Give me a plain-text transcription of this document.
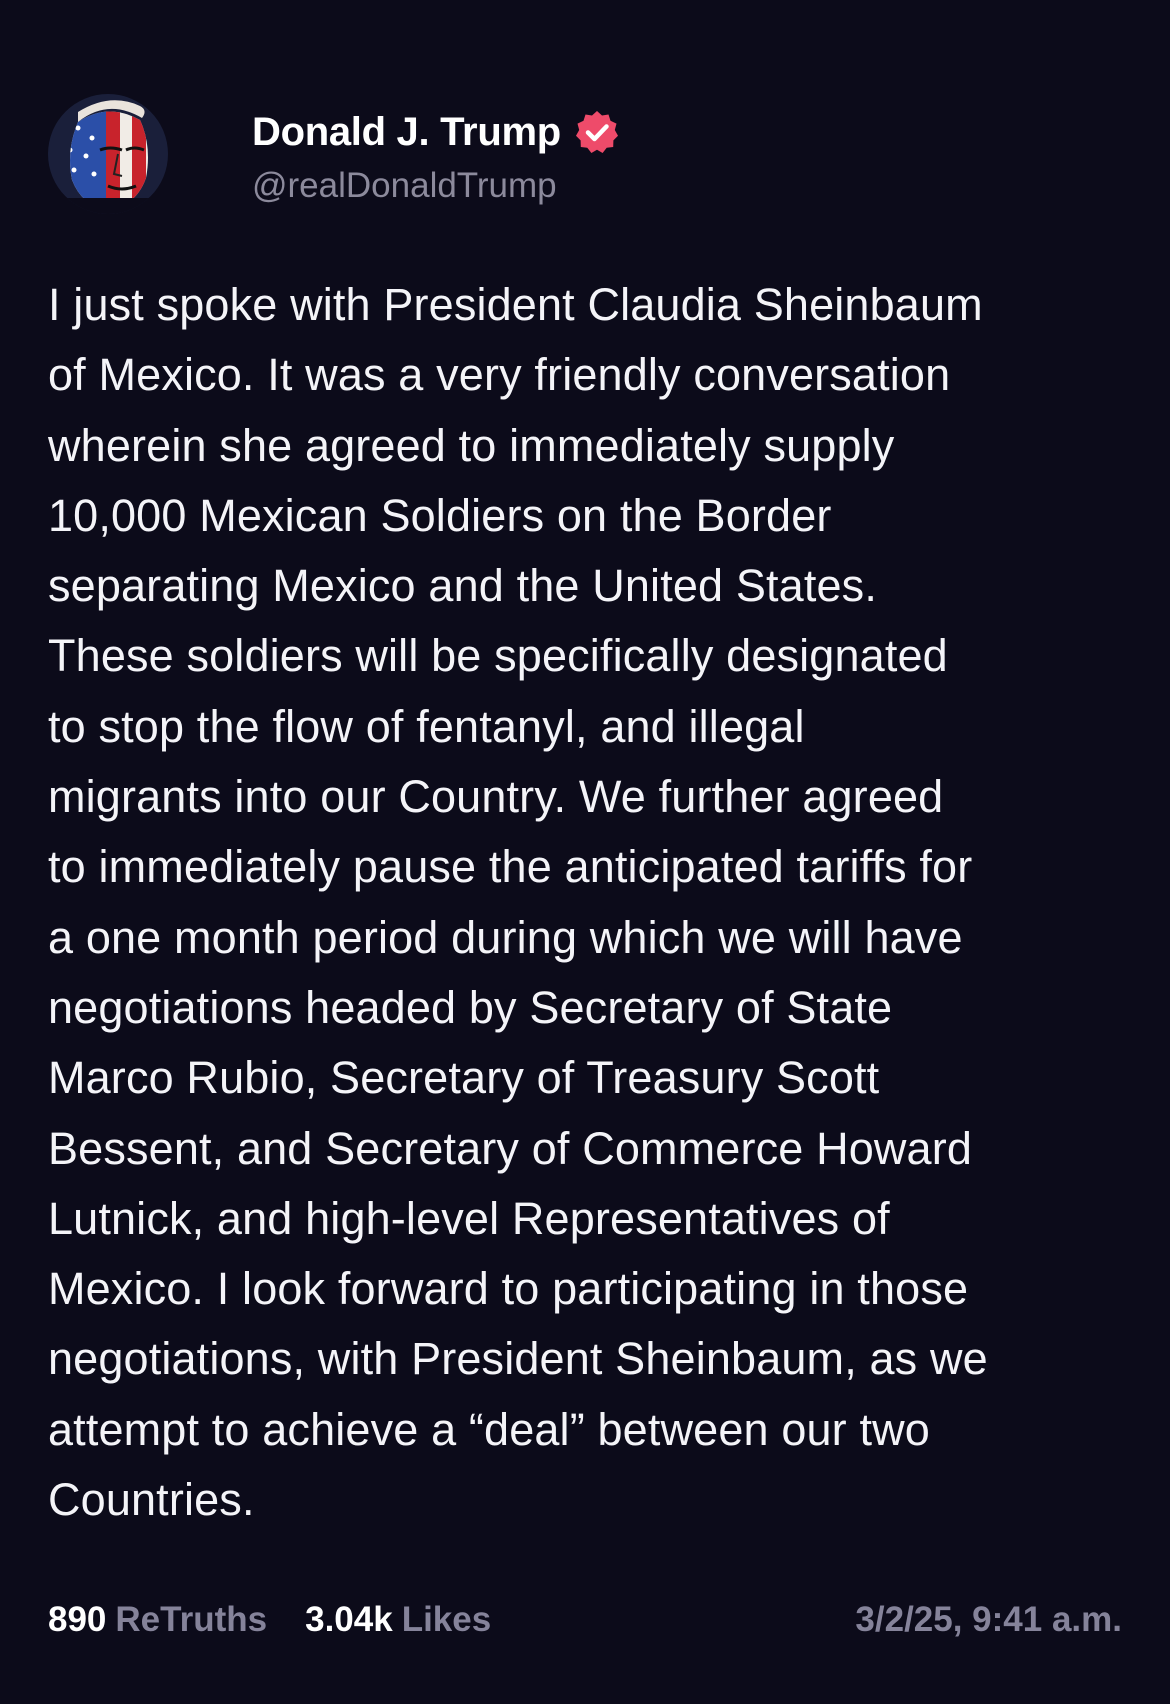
Donald J. Trump
@realDonaldTrump
I just spoke with President Claudia Sheinbaum
of Mexico. It was a very friendly conversation
wherein she agreed to immediately supply
10,000 Mexican Soldiers on the Border
separating Mexico and the United States.
These soldiers will be specifically designated
to stop the flow of fentanyl, and illegal
migrants into our Country. We further agreed
to immediately pause the anticipated tariffs for
a one month period during which we will have
negotiations headed by Secretary of State
Marco Rubio, Secretary of Treasury Scott
Bessent, and Secretary of Commerce Howard
Lutnick, and high-level Representatives of
Mexico. I look forward to participating in those
negotiations, with President Sheinbaum, as we
attempt to achieve a “deal” between our two
Countries.
890 ReTruths 3.04k Likes	3/2/25, 9:41 a.m.
